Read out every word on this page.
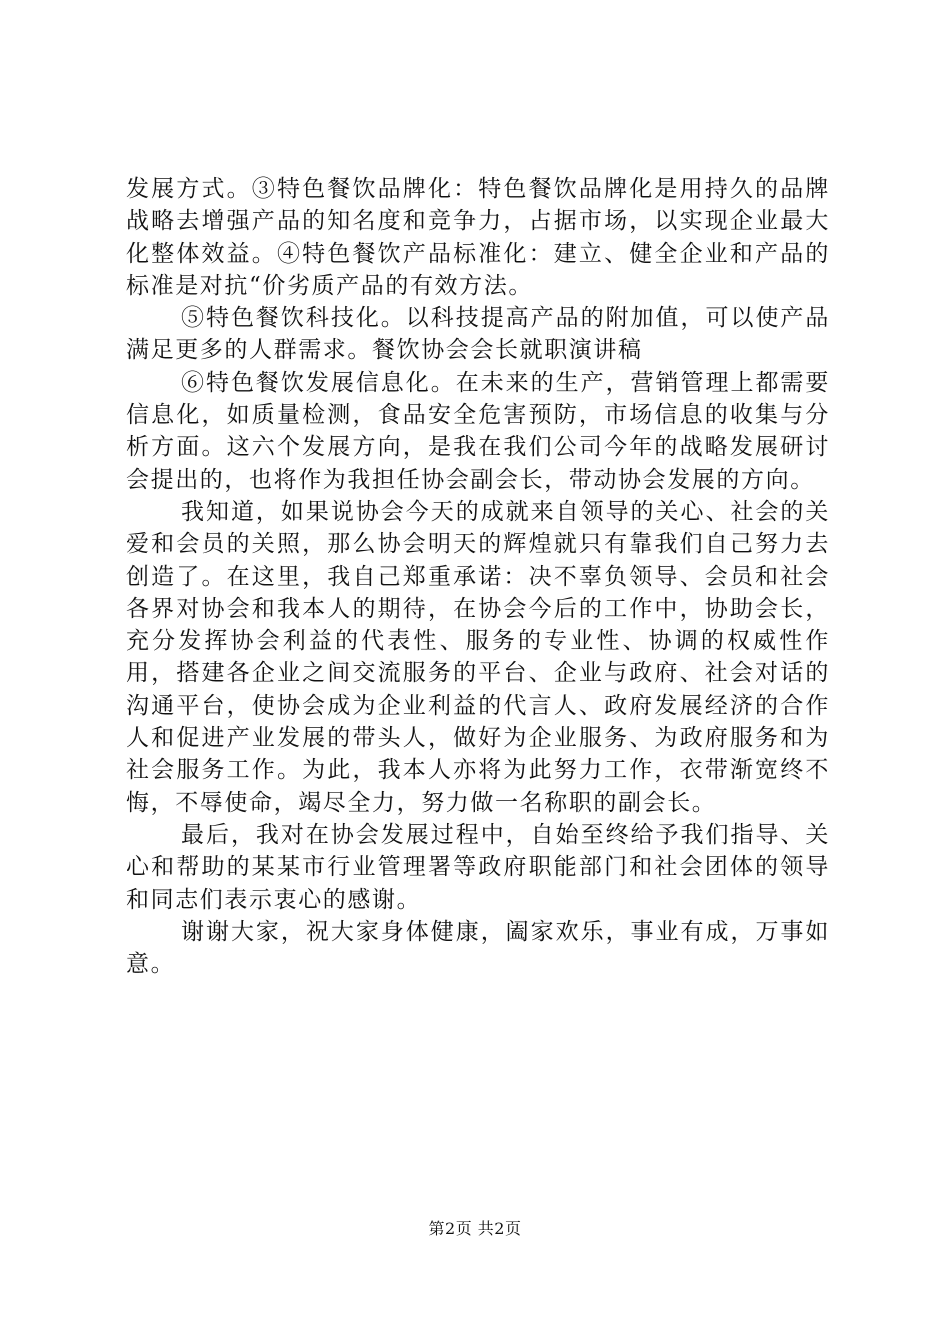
发展方式。③特色餐饮品牌化：特色餐饮品牌化是用持久的品牌战略去增强产品的知名度和竞争力，占据市场，以实现企业最大化整体效益。④特色餐饮产品标准化：建立、健全企业和产品的标准是对抗“价劣质产品的有效方法。

⑤特色餐饮科技化。以科技提高产品的附加值，可以使产品满足更多的人群需求。餐饮协会会长就职演讲稿

⑥特色餐饮发展信息化。在未来的生产，营销管理上都需要信息化，如质量检测，食品安全危害预防，市场信息的收集与分析方面。这六个发展方向，是我在我们公司今年的战略发展研讨会提出的，也将作为我担任协会副会长，带动协会发展的方向。

我知道，如果说协会今天的成就来自领导的关心、社会的关爱和会员的关照，那么协会明天的辉煌就只有靠我们自己努力去创造了。在这里，我自己郑重承诺：决不辜负领导、会员和社会各界对协会和我本人的期待，在协会今后的工作中，协助会长，充分发挥协会利益的代表性、服务的专业性、协调的权威性作用，搭建各企业之间交流服务的平台、企业与政府、社会对话的沟通平台，使协会成为企业利益的代言人、政府发展经济的合作人和促进产业发展的带头人，做好为企业服务、为政府服务和为社会服务工作。为此，我本人亦将为此努力工作，衣带渐宽终不悔，不辱使命，竭尽全力，努力做一名称职的副会长。

最后，我对在协会发展过程中，自始至终给予我们指导、关心和帮助的某某市行业管理署等政府职能部门和社会团体的领导和同志们表示衷心的感谢。

谢谢大家，祝大家身体健康，阖家欢乐，事业有成，万事如意。

第2页 共2页
